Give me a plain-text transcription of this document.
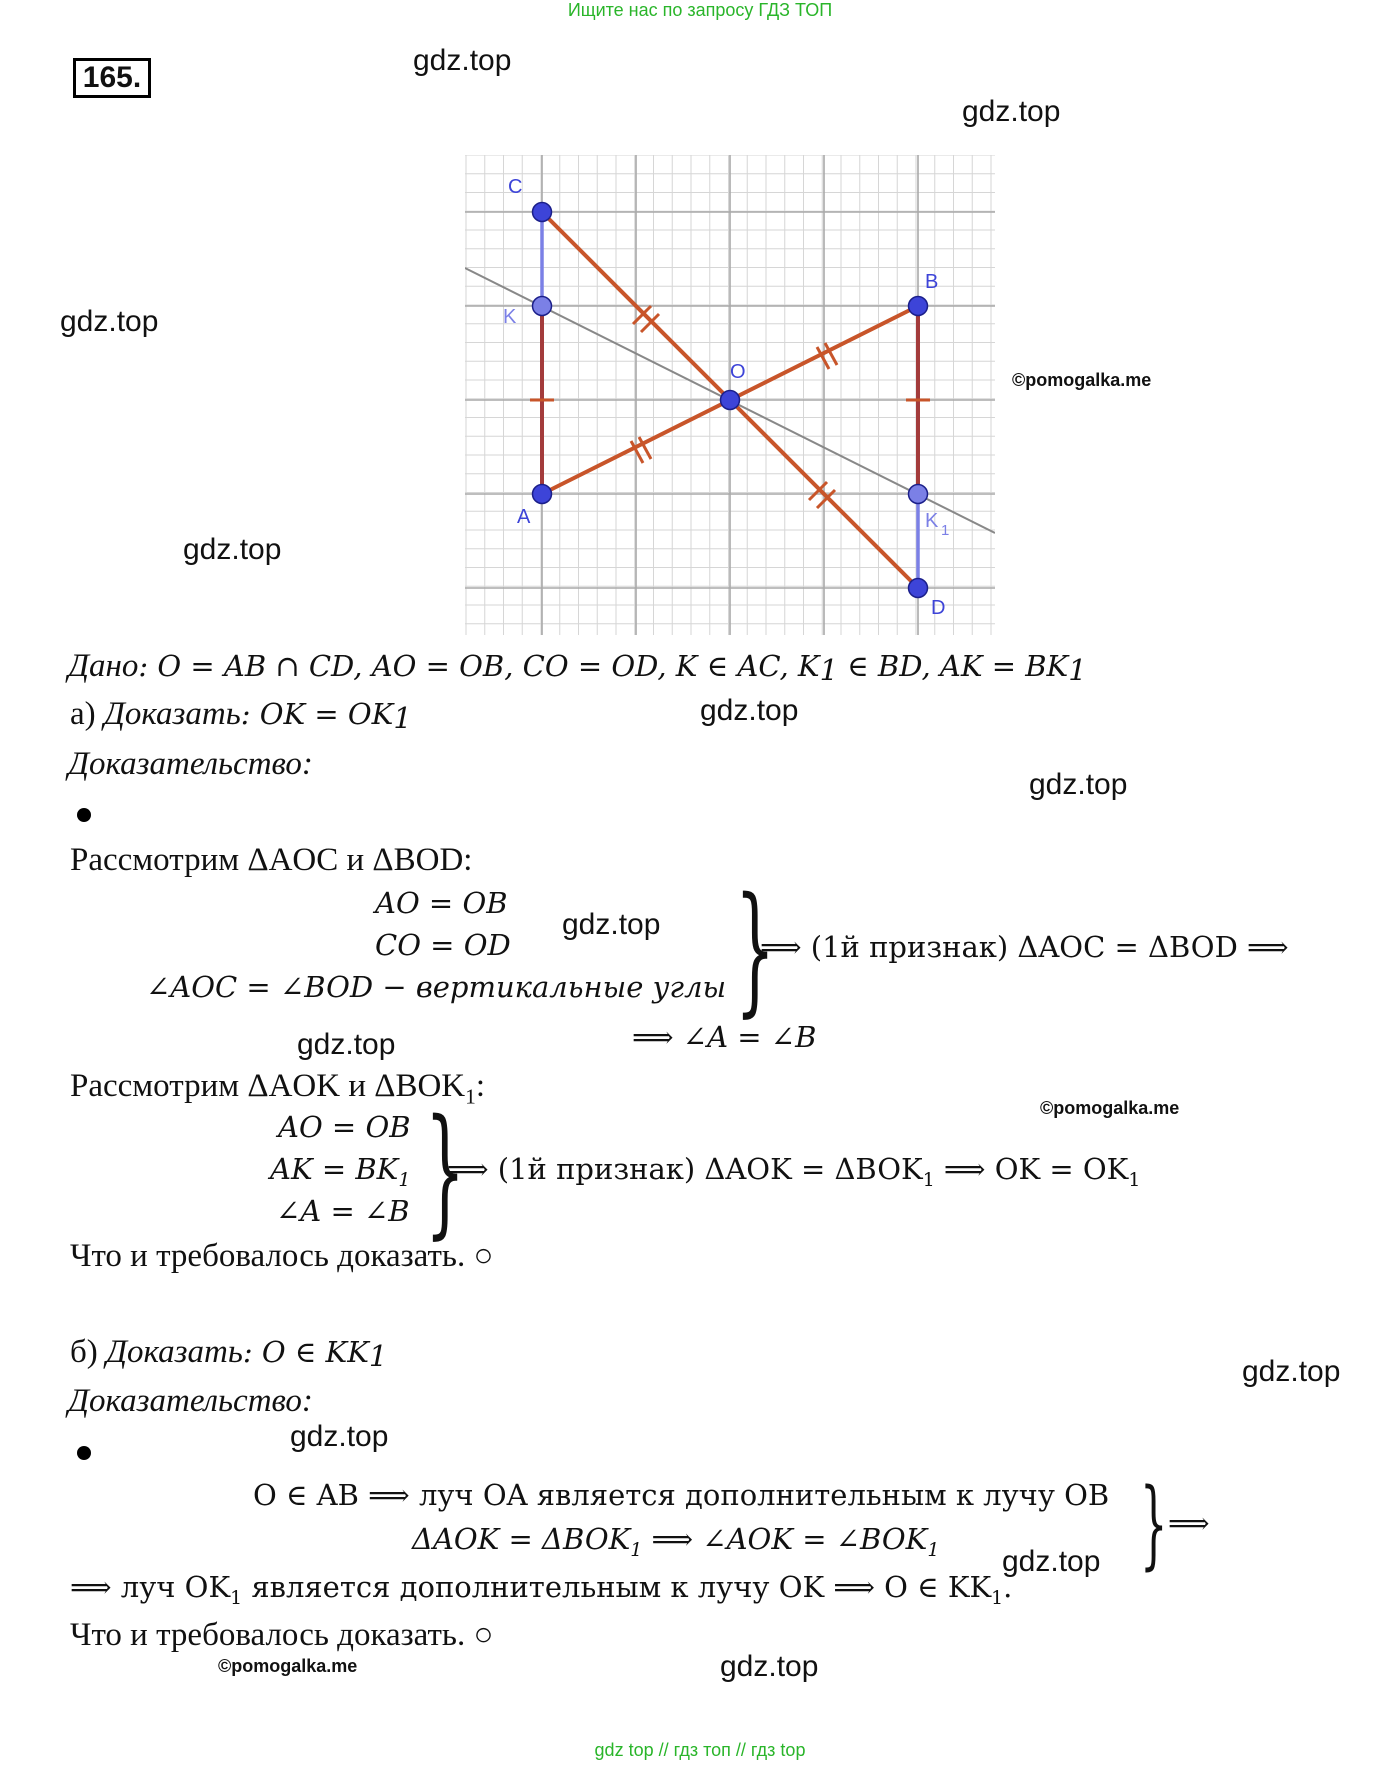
Ищите нас по запросу ГДЗ ТОП
165.
gdz.top
gdz.top
gdz.top
gdz.top
gdz.top
gdz.top
gdz.top
gdz.top
gdz.top
gdz.top
gdz.top
gdz.top
©pomogalka.me
©pomogalka.me
©pomogalka.me
C
K
A
B
O
K 1
D
Дано: O = AB ∩ CD, AO = OB, CO = OD, K ∈ AC, $K_1$ ∈ BD, AK = $BK_1$
а) Доказать: OK = $OK_1$
Доказательство:
Рассмотрим ΔAOC и ΔBOD:
AO = OB
CO = OD
∠AOC = ∠BOD − вертикальные углы }
⟹ (1й признак) ΔAOC = ΔBOD ⟹
⟹ ∠A = ∠B
Рассмотрим ΔAOK и $\Delta BOK_1$:
AO = OB
AK = $BK_1$
∠A = ∠B }
⟹ (1й признак) $\Delta AOK = \Delta BOK_1$ ⟹ OK = $OK_1$
Что и требовалось доказать. ○
б) Доказать: O ∈ $KK_1$
Доказательство:
O ∈ AB ⟹ луч OA является дополнительным к лучу OB
$\Delta AOK = \Delta BOK_1$ ⟹ ∠AOK = $\angle BOK_1$ } ⟹
⟹ луч $OK_1$ является дополнительным к лучу OK ⟹ O ∈ $KK_1$.
Что и требовалось доказать. ○
gdz top // гдз топ // гдз top
